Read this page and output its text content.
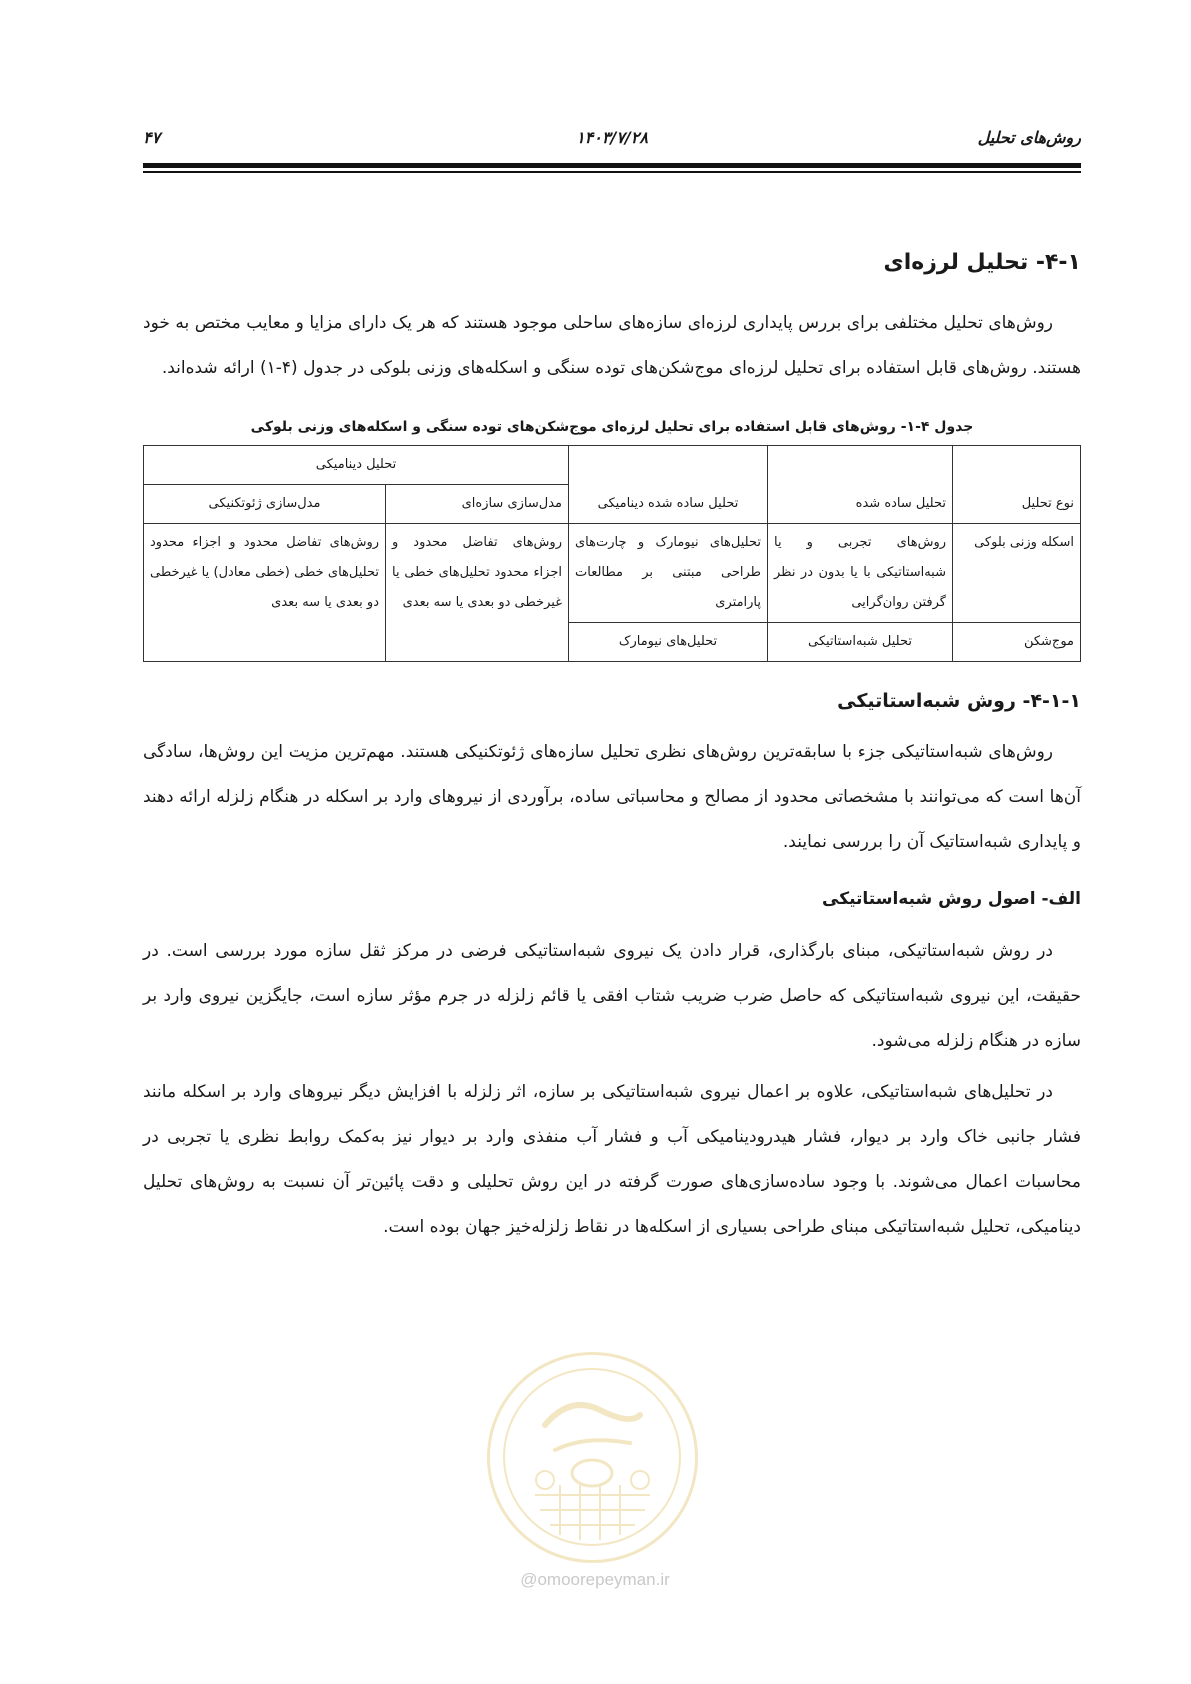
روش‌های تحلیل
۱۴۰۳/۷/۲۸
۴۷
۴-۱- تحلیل لرزه‌ای

روش‌های تحلیل مختلفی برای بررس پایداری لرزه‌ای سازه‌های ساحلی موجود هستند که هر یک دارای مزایا و معایب مختص به خود هستند. روش‌های قابل استفاده برای تحلیل لرزه‌ای موج‌شکن‌های توده سنگی و اسکله‌های وزنی بلوکی در جدول (۴-۱) ارائه شده‌اند.

جدول ۴-۱- روش‌های قابل استفاده برای تحلیل لرزه‌ای موج‌شکن‌های توده سنگی و اسکله‌های وزنی بلوکی
نوع تحلیل	تحلیل ساده شده	تحلیل ساده شده دینامیکی	تحلیل دینامیکی	
			مدل‌سازی سازه‌ای	مدل‌سازی ژئوتکنیکی
اسکله وزنی بلوکی	روش‌های تجربی و یا شبه‌استاتیکی با یا بدون در نظر گرفتن روان‌گرایی	تحلیل‌های نیومارک و چارت‌های طراحی مبتنی بر مطالعات پارامتری	روش‌های تفاضل محدود و اجزاء محدود تحلیل‌های خطی یا غیرخطی دو بعدی یا سه بعدی	روش‌های تفاضل محدود و اجزاء محدود تحلیل‌های خطی (خطی معادل) یا غیرخطی دو بعدی یا سه بعدی
موج‌شکن	تحلیل شبه‌استاتیکی	تحلیل‌های نیومارک		
۴-۱-۱- روش شبه‌استاتیکی

روش‌های شبه‌استاتیکی جزء با سابقه‌ترین روش‌های نظری تحلیل سازه‌های ژئوتکنیکی هستند. مهم‌ترین مزیت این روش‌ها، سادگی آن‌ها است که می‌توانند با مشخصاتی محدود از مصالح و محاسباتی ساده، برآوردی از نیروهای وارد بر اسکله در هنگام زلزله ارائه دهند و پایداری شبه‌استاتیک آن را بررسی نمایند.

الف- اصول روش شبه‌استاتیکی

در روش شبه‌استاتیکی، مبنای بارگذاری، قرار دادن یک نیروی شبه‌استاتیکی فرضی در مرکز ثقل سازه مورد بررسی است. در حقیقت، این نیروی شبه‌استاتیکی که حاصل ضرب ضریب شتاب افقی یا قائم زلزله در جرم مؤثر سازه است، جایگزین نیروی وارد بر سازه در هنگام زلزله می‌شود.

در تحلیل‌های شبه‌استاتیکی، علاوه بر اعمال نیروی شبه‌استاتیکی بر سازه، اثر زلزله با افزایش دیگر نیروهای وارد بر اسکله مانند فشار جانبی خاک وارد بر دیوار، فشار هیدرودینامیکی آب و فشار آب منفذی وارد بر دیوار نیز به‌کمک روابط نظری یا تجربی در محاسبات اعمال می‌شوند. با وجود ساده‌سازی‌های صورت گرفته در این روش تحلیلی و دقت پائین‌تر آن نسبت به روش‌های تحلیل دینامیکی، تحلیل شبه‌استاتیکی مبنای طراحی بسیاری از اسکله‌ها در نقاط زلزله‌خیز جهان بوده است.

@omoorepeyman.ir
